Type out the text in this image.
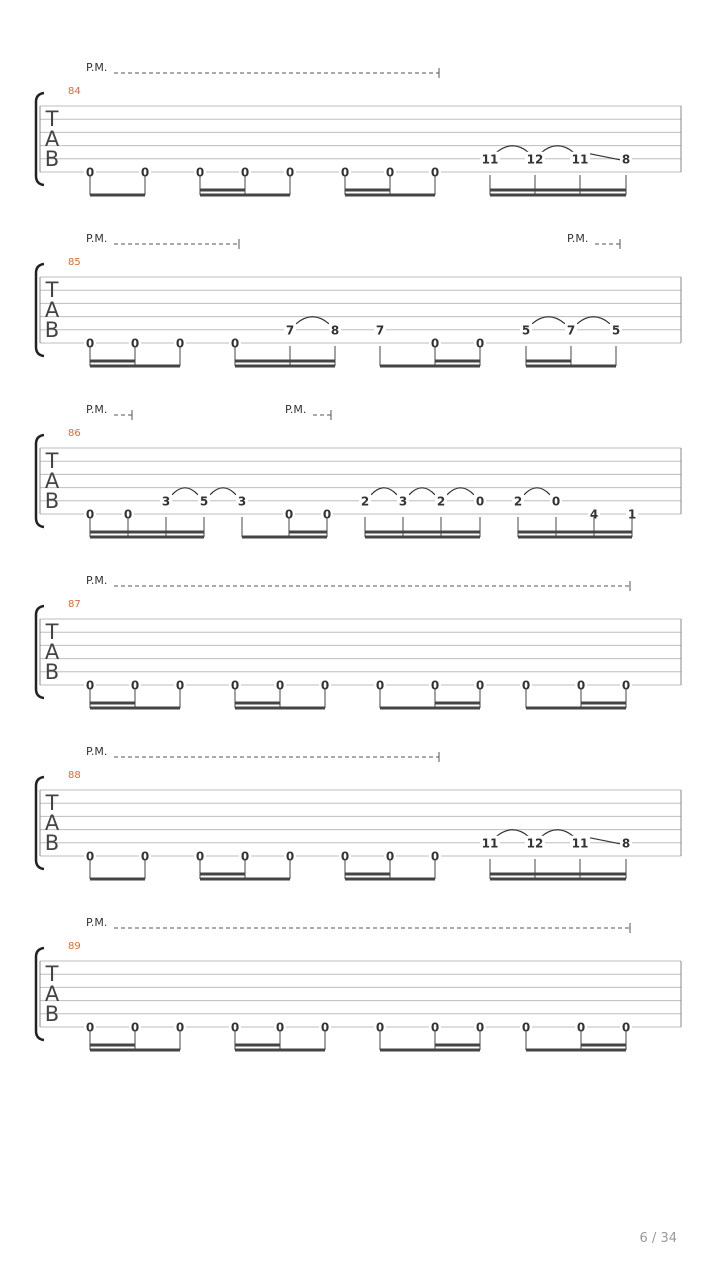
T
A
B
84
P.M.
0	0	0	0	0	0	0	0
11 12 11	8
T
A
B
85
P.M.	P.M.
0	0	0	0
7	8	7
0	0
5	7	5
T
A
B
86
P.M.	P.M.
0 0
3 5 3
0 0
2 3 2	0 2 0
4 1
T
A
B
87
P.M.
0	0	0	0	0	0	0	0	0	0	0	0
T
A
B
88
P.M.
0	0	0	0	0	0	0	0
11 12 11	8
T
A
B
89
P.M.
0	0	0	0	0	0	0	0	0	0	0	0
6 / 34
